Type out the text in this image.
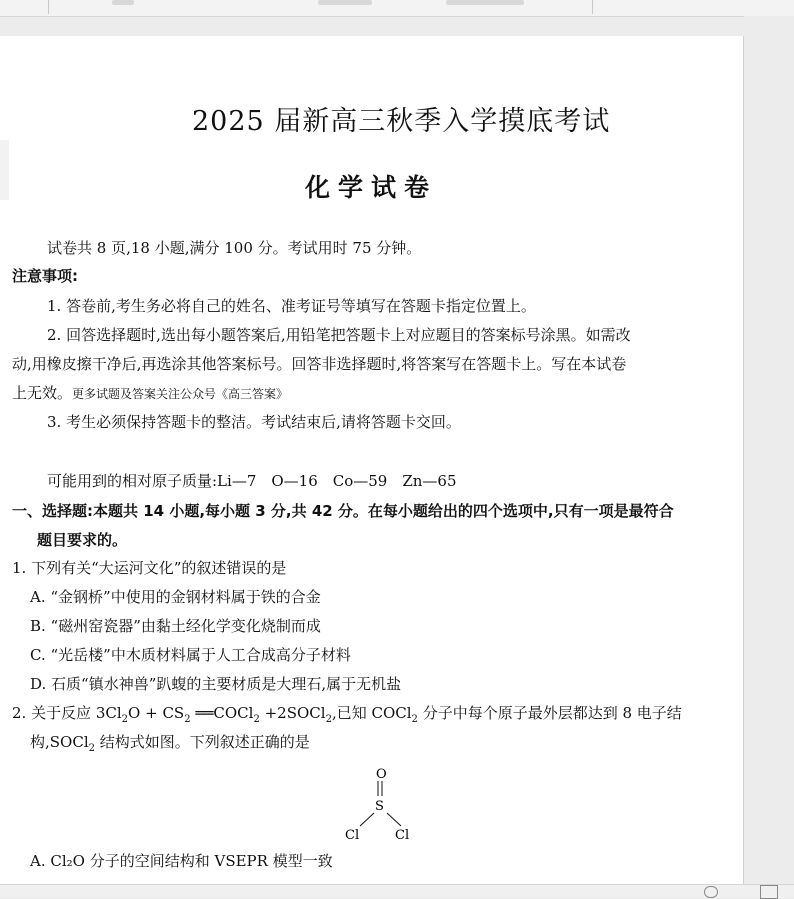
2025 届新高三秋季入学摸底考试
化学试卷
试卷共 8 页,18 小题,满分 100 分。考试用时 75 分钟。
注意事项:
1. 答卷前,考生务必将自己的姓名、准考证号等填写在答题卡指定位置上。
2. 回答选择题时,选出每小题答案后,用铅笔把答题卡上对应题目的答案标号涂黑。如需改
动,用橡皮擦干净后,再选涂其他答案标号。回答非选择题时,将答案写在答题卡上。写在本试卷
上无效。更多试题及答案关注公众号《高三答案》
3. 考生必须保持答题卡的整洁。考试结束后,请将答题卡交回。
可能用到的相对原子质量:Li—7　O—16　Co—59　Zn—65
一、选择题:本题共 14 小题,每小题 3 分,共 42 分。在每小题给出的四个选项中,只有一项是最符合
题目要求的。
1. 下列有关“大运河文化”的叙述错误的是
A. “金钢桥”中使用的金钢材料属于铁的合金
B. “磁州窑瓷器”由黏土经化学变化烧制而成
C. “光岳楼”中木质材料属于人工合成高分子材料
D. 石质“镇水神兽”趴蝮的主要材质是大理石,属于无机盐
2. 关于反应 $3Cl_2O + CS_2$ ══COCl$_2$ +2SOCl$_2$,已知 COCl$_2$ 分子中每个原子最外层都达到 8 电子结
构,SOCl$_2$ 结构式如图。下列叙述正确的是
O
S
Cl	Cl
A. Cl₂O 分子的空间结构和 VSEPR 模型一致
